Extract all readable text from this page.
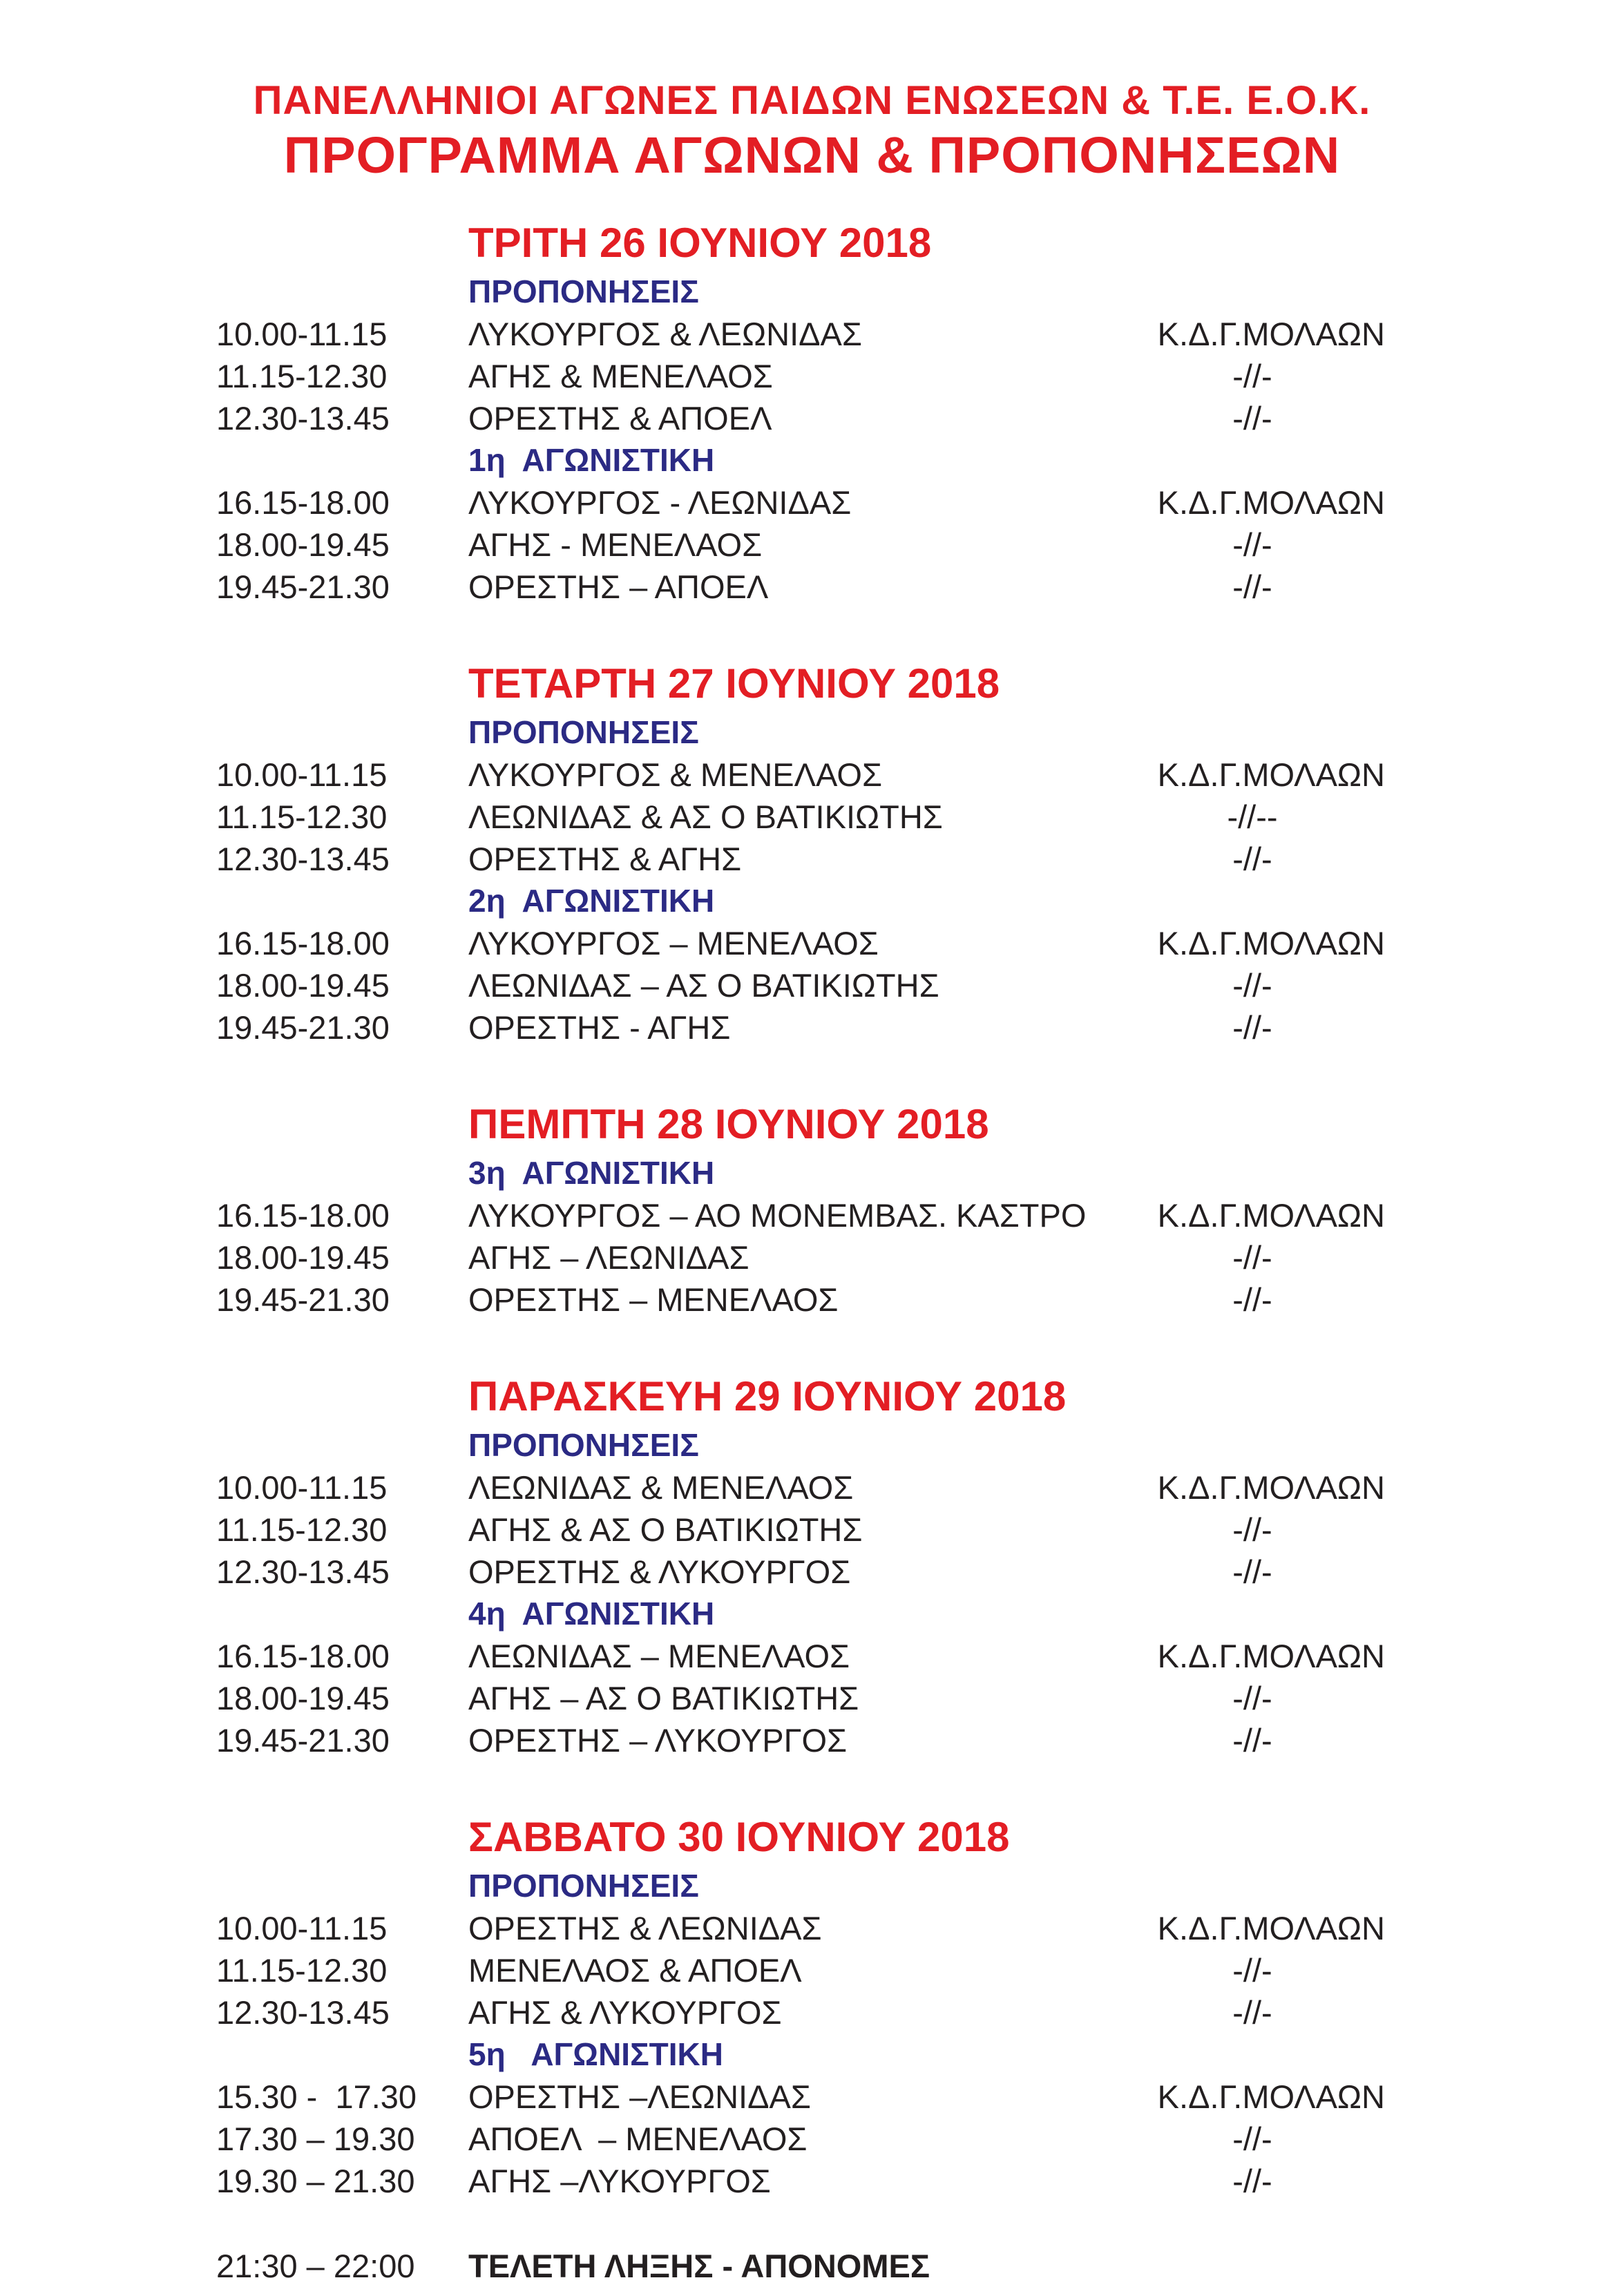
ΠΑΝΕΛΛΗΝΙΟΙ ΑΓΩΝΕΣ ΠΑΙΔΩΝ ΕΝΩΣΕΩΝ & Τ.Ε. Ε.Ο.Κ.
ΠΡΟΓΡΑΜΜΑ ΑΓΩΝΩΝ & ΠΡΟΠΟΝΗΣΕΩΝ
ΤΡΙΤΗ 26 ΙΟΥΝΙΟΥ 2018
ΠΡΟΠΟΝΗΣΕΙΣ
10.00-11.15	ΛΥΚΟΥΡΓΟΣ & ΛΕΩΝΙΔΑΣ	Κ.Δ.Γ.ΜΟΛΑΩΝ
11.15-12.30	ΑΓΗΣ & ΜΕΝΕΛΑΟΣ	-//-
12.30-13.45 ΟΡΕΣΤΗΣ & ΑΠΟΕΛ	-//-
1η  ΑΓΩΝΙΣΤΙΚΗ
16.15-18.00 ΛΥΚΟΥΡΓΟΣ - ΛΕΩΝΙΔΑΣ	Κ.Δ.Γ.ΜΟΛΑΩΝ
18.00-19.45 ΑΓΗΣ - ΜΕΝΕΛΑΟΣ	-//-
19.45-21.30 ΟΡΕΣΤΗΣ – ΑΠΟΕΛ	-//-
ΤΕΤΑΡΤΗ 27 ΙΟΥΝΙΟΥ 2018
ΠΡΟΠΟΝΗΣΕΙΣ
10.00-11.15	ΛΥΚΟΥΡΓΟΣ & ΜΕΝΕΛΑΟΣ	Κ.Δ.Γ.ΜΟΛΑΩΝ
11.15-12.30	ΛΕΩΝΙΔΑΣ & ΑΣ Ο ΒΑΤΙΚΙΩΤΗΣ	-//--
12.30-13.45 ΟΡΕΣΤΗΣ & ΑΓΗΣ	-//-
2η  ΑΓΩΝΙΣΤΙΚΗ
16.15-18.00 ΛΥΚΟΥΡΓΟΣ – ΜΕΝΕΛΑΟΣ	Κ.Δ.Γ.ΜΟΛΑΩΝ
18.00-19.45 ΛΕΩΝΙΔΑΣ – ΑΣ Ο ΒΑΤΙΚΙΩΤΗΣ	-//-
19.45-21.30 ΟΡΕΣΤΗΣ - ΑΓΗΣ	-//-
ΠΕΜΠΤΗ 28 ΙΟΥΝΙΟΥ 2018
3η  ΑΓΩΝΙΣΤΙΚΗ
16.15-18.00 ΛΥΚΟΥΡΓΟΣ – ΑΟ ΜΟΝΕΜΒΑΣ. ΚΑΣΤΡΟ	Κ.Δ.Γ.ΜΟΛΑΩΝ
18.00-19.45 ΑΓΗΣ – ΛΕΩΝΙΔΑΣ	-//-
19.45-21.30 ΟΡΕΣΤΗΣ – ΜΕΝΕΛΑΟΣ	-//-
ΠΑΡΑΣΚΕΥΗ 29 ΙΟΥΝΙΟΥ 2018
ΠΡΟΠΟΝΗΣΕΙΣ
10.00-11.15	ΛΕΩΝΙΔΑΣ & ΜΕΝΕΛΑΟΣ	Κ.Δ.Γ.ΜΟΛΑΩΝ
11.15-12.30	ΑΓΗΣ & ΑΣ Ο ΒΑΤΙΚΙΩΤΗΣ	-//-
12.30-13.45 ΟΡΕΣΤΗΣ & ΛΥΚΟΥΡΓΟΣ	-//-
4η  ΑΓΩΝΙΣΤΙΚΗ
16.15-18.00 ΛΕΩΝΙΔΑΣ – ΜΕΝΕΛΑΟΣ	Κ.Δ.Γ.ΜΟΛΑΩΝ
18.00-19.45 ΑΓΗΣ – ΑΣ Ο ΒΑΤΙΚΙΩΤΗΣ	-//-
19.45-21.30 ΟΡΕΣΤΗΣ – ΛΥΚΟΥΡΓΟΣ	-//-
ΣΑΒΒΑΤΟ 30 ΙΟΥΝΙΟΥ 2018
ΠΡΟΠΟΝΗΣΕΙΣ
10.00-11.15	ΟΡΕΣΤΗΣ & ΛΕΩΝΙΔΑΣ	Κ.Δ.Γ.ΜΟΛΑΩΝ
11.15-12.30	ΜΕΝΕΛΑΟΣ & ΑΠΟΕΛ	-//-
12.30-13.45 ΑΓΗΣ & ΛΥΚΟΥΡΓΟΣ	-//-
5η   ΑΓΩΝΙΣΤΙΚΗ
15.30 -  17.30 ΟΡΕΣΤΗΣ –ΛΕΩΝΙΔΑΣ	Κ.Δ.Γ.ΜΟΛΑΩΝ
17.30 – 19.30 ΑΠΟΕΛ  – ΜΕΝΕΛΑΟΣ	-//-
19.30 – 21.30 ΑΓΗΣ –ΛΥΚΟΥΡΓΟΣ	-//-
21:30 – 22:00 ΤΕΛΕΤΗ ΛΗΞΗΣ - ΑΠΟΝΟΜΕΣ
